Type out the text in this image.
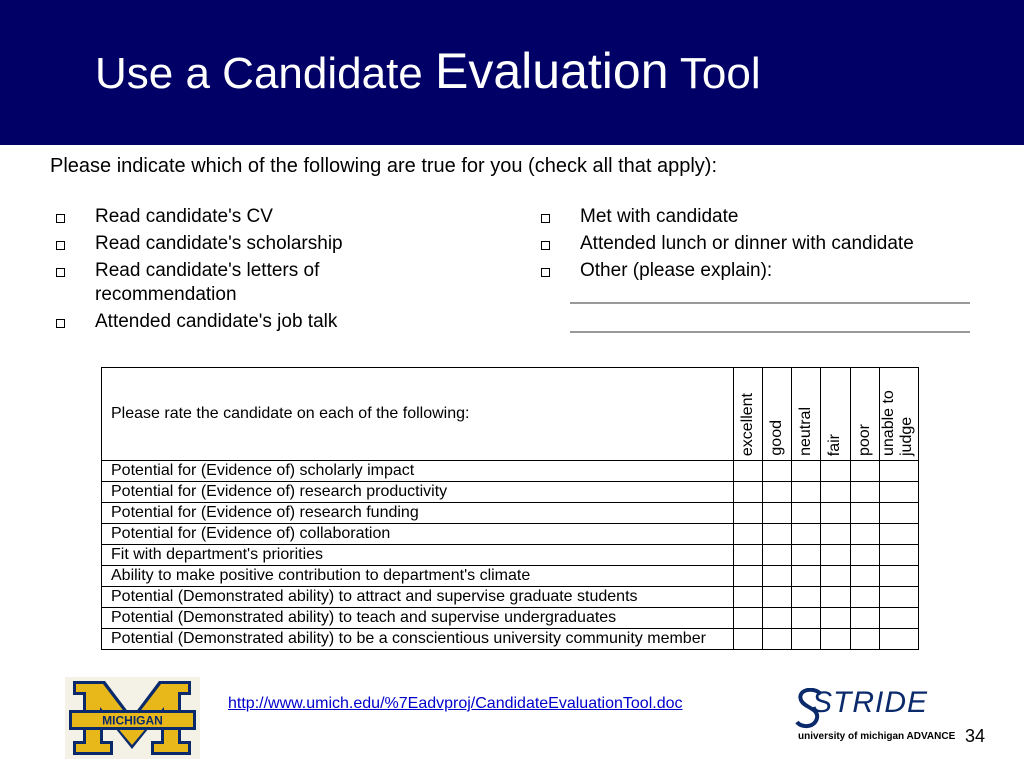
Use a Candidate Evaluation Tool
Please indicate which of the following are true for you (check all that apply):
Read candidate's CV
Read candidate's scholarship
Read candidate's letters of recommendation
Attended candidate's job talk
Met with candidate
Attended lunch or dinner with candidate
Other (please explain):
Please rate the candidate on each of the following:	excellent	good	neutral	fair	poor	unable to judge

Potential for (Evidence of) scholarly impact						
Potential for (Evidence of) research productivity						
Potential for (Evidence of) research funding						
Potential for (Evidence of) collaboration						
Fit with department's priorities						
Ability to make positive contribution to department's climate						
Potential (Demonstrated ability) to attract and supervise graduate students						
Potential (Demonstrated ability) to teach and supervise undergraduates						
Potential (Demonstrated ability) to be a conscientious university community member						
MICHIGAN
http://www.umich.edu/%7Eadvproj/CandidateEvaluationTool.doc	STRIDE
university of michigan ADVANCE 34
